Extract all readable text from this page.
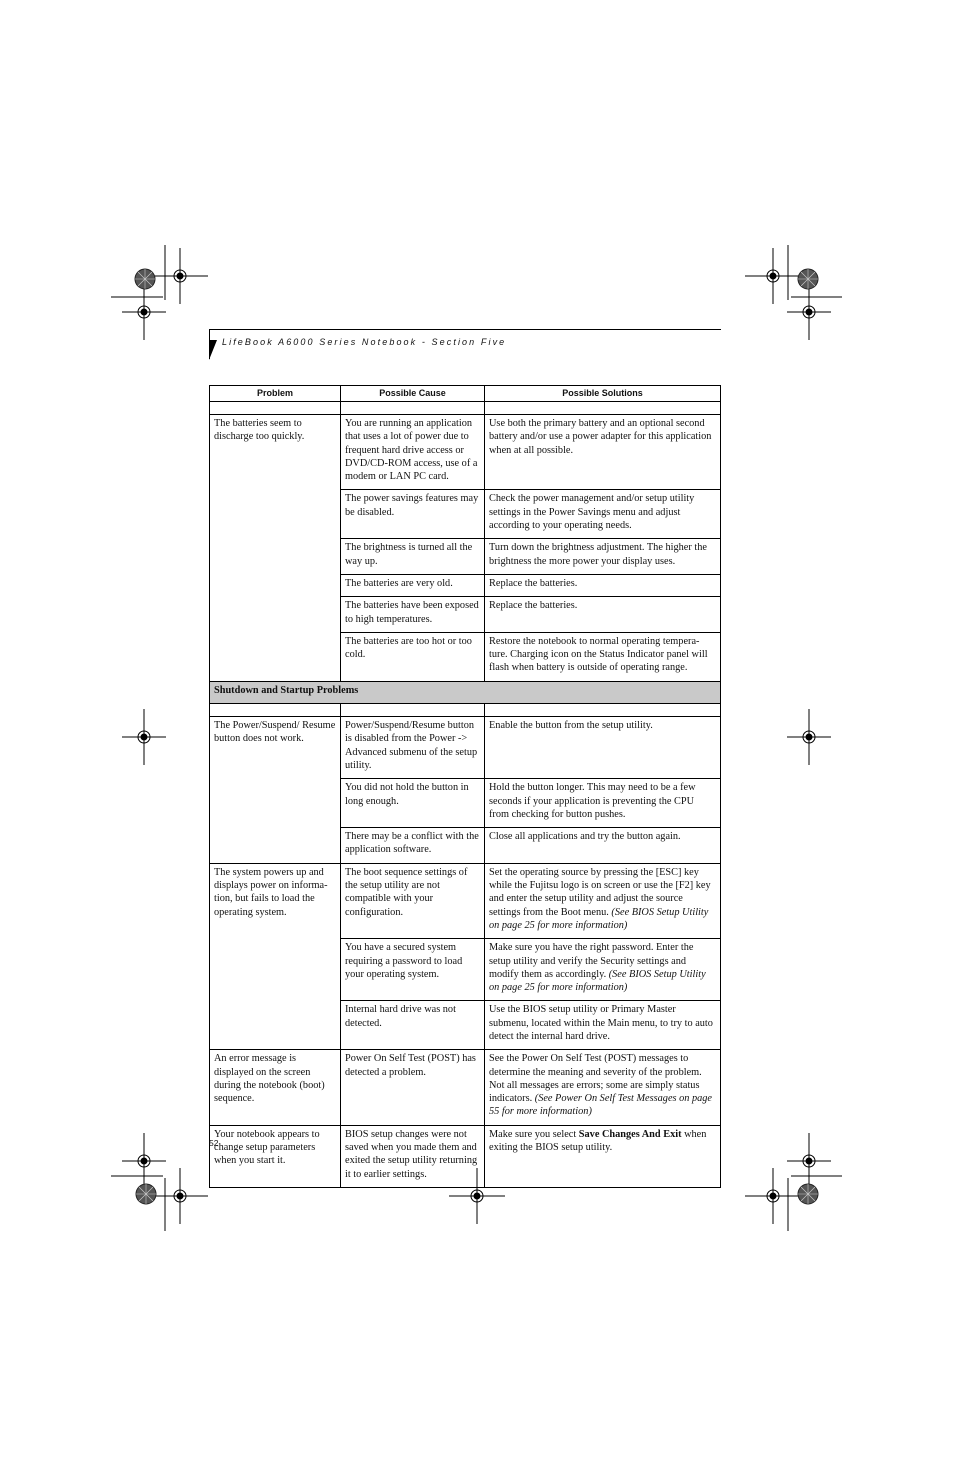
LifeBook A6000 Series Notebook - Section Five
Problem	Possible Cause	Possible Solutions

The batteries seem to discharge too quickly.	You are running an application that uses a lot of power due to frequent hard drive access or DVD/CD-ROM access, use of a modem or LAN PC card.	Use both the primary battery and an optional second battery and/or use a power adapter for this application when at all possible.
	The power savings features may be disabled.	Check the power management and/or setup utility settings in the Power Savings menu and adjust according to your operating needs.
	The brightness is turned all the way up.	Turn down the brightness adjustment. The higher the brightness the more power your display uses.
	The batteries are very old.	Replace the batteries.
	The batteries have been exposed to high temperatures.	Replace the batteries.
	The batteries are too hot or too cold.	Restore the notebook to normal operating tempera-ture. Charging icon on the Status Indicator panel will flash when battery is outside of operating range.
Shutdown and Startup Problems		

The Power/Suspend/ Resume button does not work.	Power/Suspend/Resume button is disabled from the Power -> Advanced submenu of the setup utility.	Enable the button from the setup utility.
	You did not hold the button in long enough.	Hold the button longer. This may need to be a few seconds if your application is preventing the CPU from checking for button pushes.
	There may be a conflict with the application software.	Close all applications and try the button again.
The system powers up and displays power on informa-tion, but fails to load the operating system.	The boot sequence settings of the setup utility are not compatible with your configuration.	Set the operating source by pressing the [ESC] key while the Fujitsu logo is on screen or use the [F2] key and enter the setup utility and adjust the source settings from the Boot menu. (See BIOS Setup Utility on page 25 for more information)
	You have a secured system requiring a password to load your operating system.	Make sure you have the right password. Enter the setup utility and verify the Security settings and modify them as accordingly. (See BIOS Setup Utility on page 25 for more information)
	Internal hard drive was not detected.	Use the BIOS setup utility or Primary Master submenu, located within the Main menu, to try to auto detect the internal hard drive.
An error message is displayed on the screen during the notebook (boot) sequence.	Power On Self Test (POST) has detected a problem.	See the Power On Self Test (POST) messages to determine the meaning and severity of the problem. Not all messages are errors; some are simply status indicators. (See Power On Self Test Messages on page 55 for more information)
Your notebook appears to change setup parameters when you start it.	BIOS setup changes were not saved when you made them and exited the setup utility returning it to earlier settings.	Make sure you select Save Changes And Exit when exiting the BIOS setup utility.
52
